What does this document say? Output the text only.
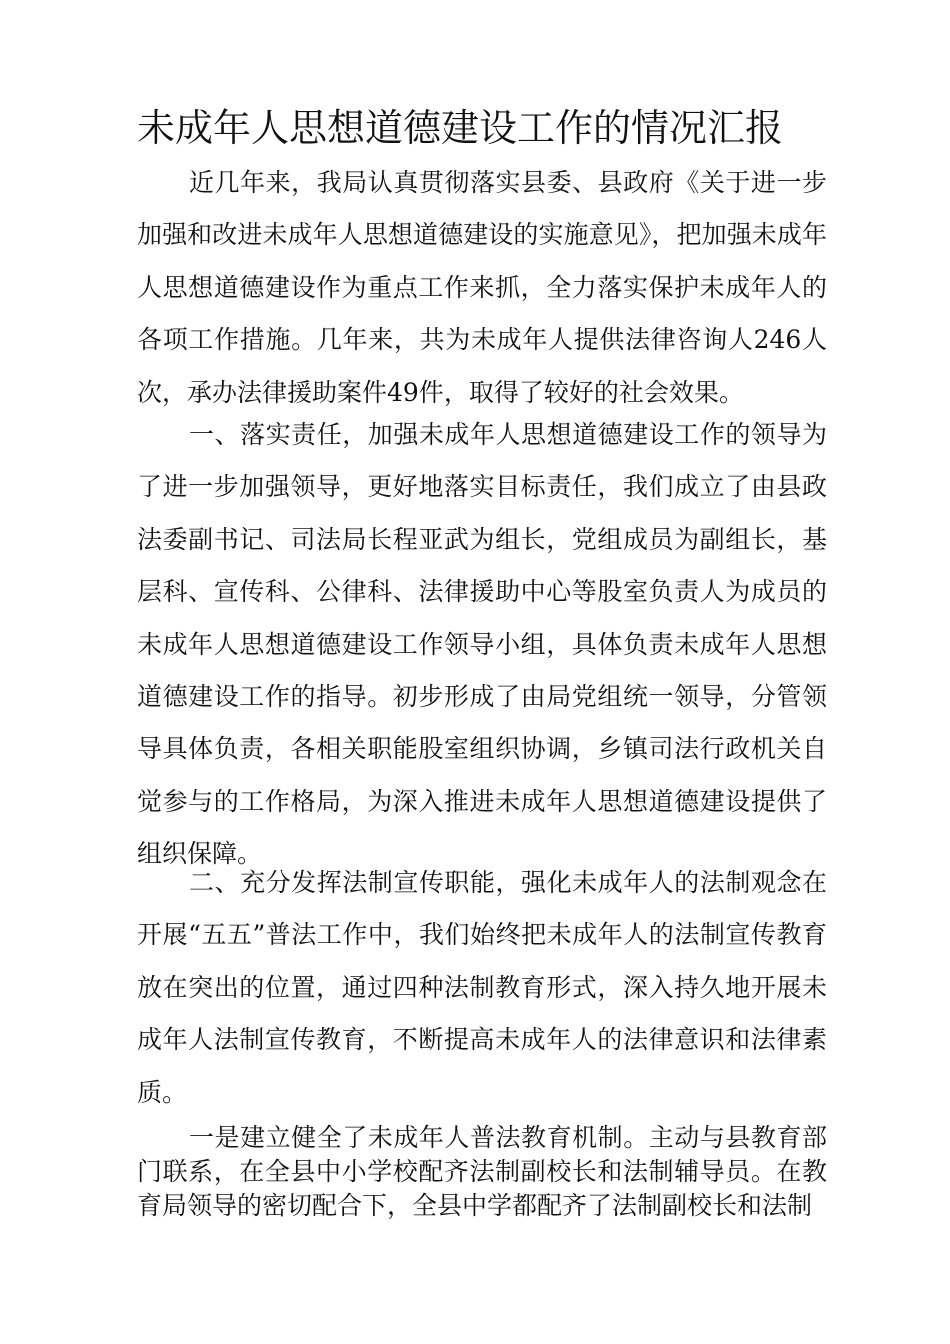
未成年人思想道德建设工作的情况汇报

近几年来，我局认真贯彻落实县委、县政府《关于进一步加强和改进未成年人思想道德建设的实施意见》，把加强未成年人思想道德建设作为重点工作来抓，全力落实保护未成年人的各项工作措施。几年来，共为未成年人提供法律咨询人246人次，承办法律援助案件49件，取得了较好的社会效果。

一、落实责任，加强未成年人思想道德建设工作的领导为了进一步加强领导，更好地落实目标责任，我们成立了由县政法委副书记、司法局长程亚武为组长，党组成员为副组长，基层科、宣传科、公律科、法律援助中心等股室负责人为成员的未成年人思想道德建设工作领导小组，具体负责未成年人思想道德建设工作的指导。初步形成了由局党组统一领导，分管领导具体负责，各相关职能股室组织协调，乡镇司法行政机关自觉参与的工作格局，为深入推进未成年人思想道德建设提供了组织保障。

二、充分发挥法制宣传职能，强化未成年人的法制观念在开展“五五”普法工作中，我们始终把未成年人的法制宣传教育放在突出的位置，通过四种法制教育形式，深入持久地开展未成年人法制宣传教育，不断提高未成年人的法律意识和法律素质。

一是建立健全了未成年人普法教育机制。主动与县教育部门联系，在全县中小学校配齐法制副校长和法制辅导员。在教育局领导的密切配合下，全县中学都配齐了法制副校长和法制
